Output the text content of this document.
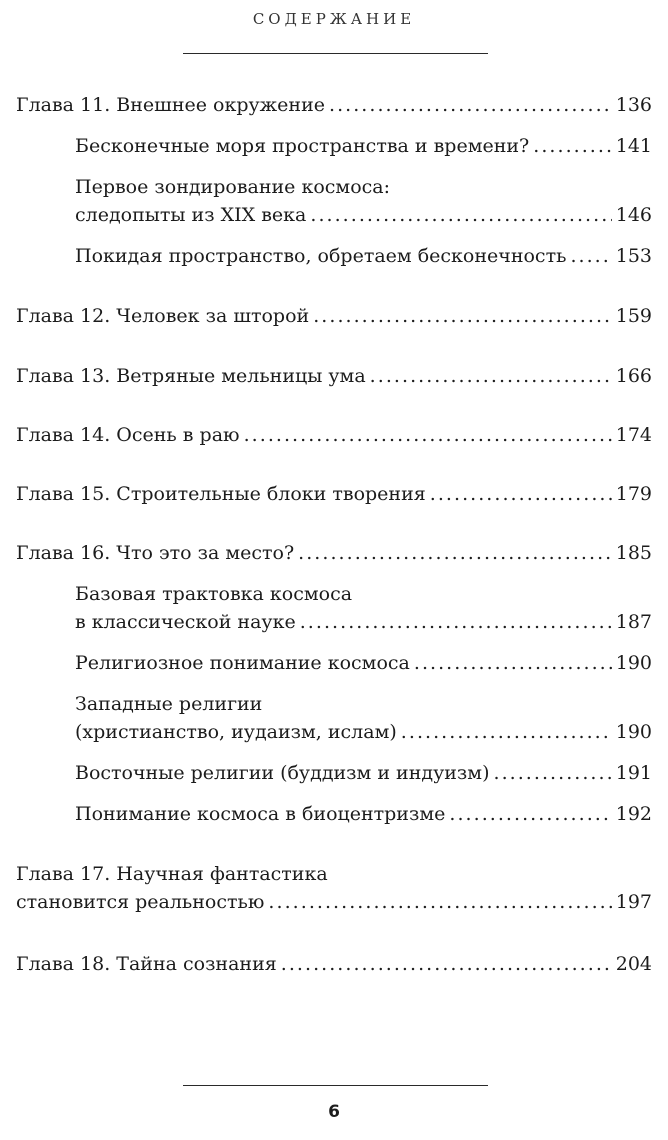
СОДЕРЖАНИЕ
Глава 11. Внешнее окружение . . .	136
Бесконечные моря пространства и времени? . . .	141
Первое зондирование космоса:
следопыты из XIX века . . .	146
Покидая пространство, обретаем бесконечность . . .	153
Глава 12. Человек за шторой . . .	159
Глава 13. Ветряные мельницы ума . . .	166
Глава 14. Осень в раю . . .	174
Глава 15. Строительные блоки творения . . .	179
Глава 16. Что это за место? . . .	185
Базовая трактовка космоса
в классической науке . . .	187
Религиозное понимание космоса . . .	190
Западные религии
(христианство, иудаизм, ислам) . . .	190
Восточные религии (буддизм и индуизм) . . .	191
Понимание космоса в биоцентризме . . .	192
Глава 17. Научная фантастика
становится реальностью . . .	197
Глава 18. Тайна сознания . . .	204
6
